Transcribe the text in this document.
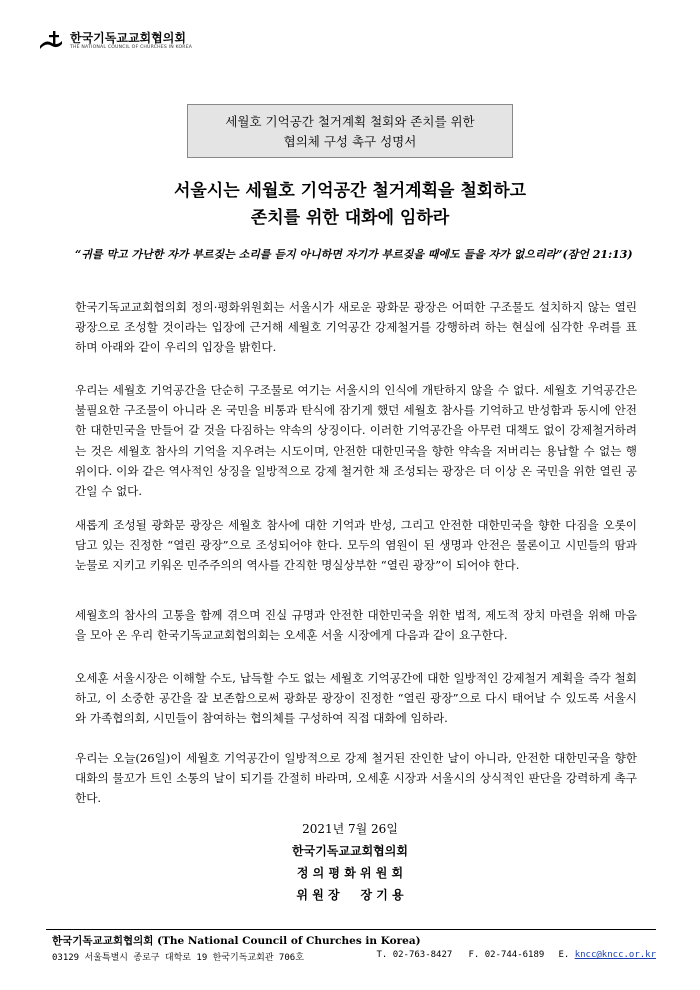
한국기독교교회협의회
THE NATIONAL COUNCIL OF CHURCHES IN KOREA
세월호 기억공간 철거계획 철회와 존치를 위한
협의체 구성 촉구 성명서
서울시는 세월호 기억공간 철거계획을 철회하고
존치를 위한 대화에 임하라
“귀를 막고 가난한 자가 부르짖는 소리를 듣지 아니하면 자기가 부르짖을 때에도 들을 자가 없으리라”(잠언 21:13)
한국기독교교회협의회 정의·평화위원회는 서울시가 새로운 광화문 광장은 어떠한 구조물도 설치하지 않는 열린 광장으로 조성할 것이라는 입장에 근거해 세월호 기억공간 강제철거를 강행하려 하는 현실에 심각한 우려를 표하며 아래와 같이 우리의 입장을 밝힌다.
우리는 세월호 기억공간을 단순히 구조물로 여기는 서울시의 인식에 개탄하지 않을 수 없다. 세월호 기억공간은 불필요한 구조물이 아니라 온 국민을 비통과 탄식에 잠기게 했던 세월호 참사를 기억하고 반성함과 동시에 안전한 대한민국을 만들어 갈 것을 다짐하는 약속의 상징이다. 이러한 기억공간을 아무런 대책도 없이 강제철거하려는 것은 세월호 참사의 기억을 지우려는 시도이며, 안전한 대한민국을 향한 약속을 저버리는 용납할 수 없는 행위이다. 이와 같은 역사적인 상징을 일방적으로 강제 철거한 채 조성되는 광장은 더 이상 온 국민을 위한 열린 공간일 수 없다.
새롭게 조성될 광화문 광장은 세월호 참사에 대한 기억과 반성, 그리고 안전한 대한민국을 향한 다짐을 오롯이 담고 있는 진정한 “열린 광장”으로 조성되어야 한다. 모두의 염원이 된 생명과 안전은 물론이고 시민들의 땀과 눈물로 지키고 키워온 민주주의의 역사를 간직한 명실상부한 “열린 광장”이 되어야 한다.
세월호의 참사의 고통을 함께 겪으며 진실 규명과 안전한 대한민국을 위한 법적, 제도적 장치 마련을 위해 마음을 모아 온 우리 한국기독교교회협의회는 오세훈 서울 시장에게 다음과 같이 요구한다.
오세훈 서울시장은 이해할 수도, 납득할 수도 없는 세월호 기억공간에 대한 일방적인 강제철거 계획을 즉각 철회하고, 이 소중한 공간을 잘 보존함으로써 광화문 광장이 진정한 “열린 광장”으로 다시 태어날 수 있도록 서울시와 가족협의회, 시민들이 참여하는 협의체를 구성하여 직접 대화에 임하라.
우리는 오늘(26일)이 세월호 기억공간이 일방적으로 강제 철거된 잔인한 날이 아니라, 안전한 대한민국을 향한 대화의 물꼬가 트인 소통의 날이 되기를 간절히 바라며, 오세훈 시장과 서울시의 상식적인 판단을 강력하게 촉구한다.
2021년 7월 26일
한국기독교교회협의회
정 의 평 화 위 원 회
위 원 장     장 기 용
한국기독교교회협의회 (The National Council of Churches in Korea)
03129 서울특별시 종로구 대학로 19 한국기독교회관 706호	T. 02-763-8427	F. 02-744-6189	E. kncc@kncc.or.kr
